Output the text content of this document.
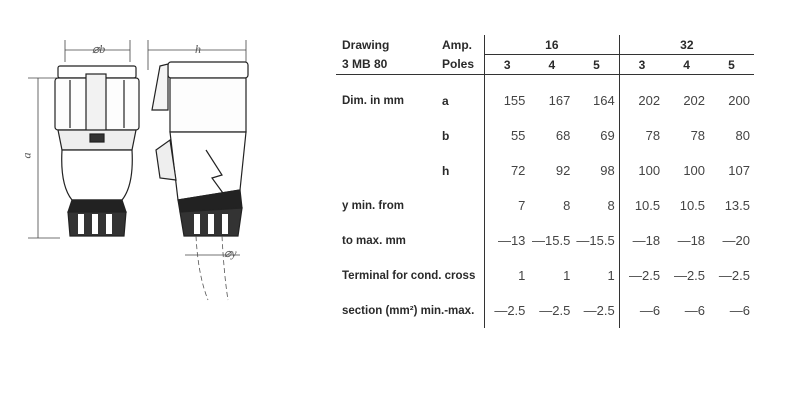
⌀b	h
a
⌀y
Drawing	Amp.	16			32		
3 MB 80	Poles	3	4	5	3	4	5
Dim. in mm	a	155	167	164	202	202	200
	b	55	68	69	78	78	80
	h	72	92	98	100	100	107
y min. from		7	8	8	10.5	10.5	13.5
to max. mm		—13	—15.5	—15.5	—18	—18	—20
Terminal for cond. cross		1	1	1	—2.5	—2.5	—2.5
section (mm²) min.-max.		—2.5	—2.5	—2.5	—6	—6	—6
